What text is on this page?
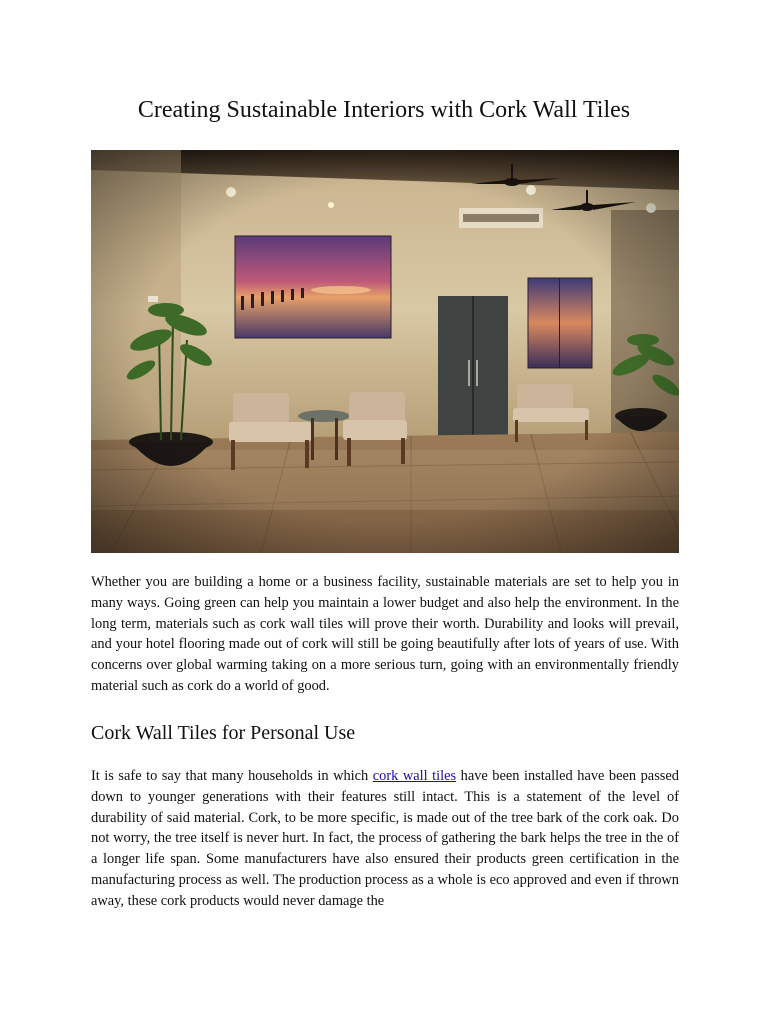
Creating Sustainable Interiors with Cork Wall Tiles

Whether you are building a home or a business facility, sustainable materials are set to help you in many ways. Going green can help you maintain a lower budget and also help the environment. In the long term, materials such as cork wall tiles will prove their worth. Durability and looks will prevail, and your hotel flooring made out of cork will still be going beautifully after lots of years of use. With concerns over global warming taking on a more serious turn, going with an environmentally friendly material such as cork do a world of good.

Cork Wall Tiles for Personal Use

It is safe to say that many households in which cork wall tiles have been installed have been passed down to younger generations with their features still intact. This is a statement of the level of durability of said material. Cork, to be more specific, is made out of the tree bark of the cork oak. Do not worry, the tree itself is never hurt. In fact, the process of gathering the bark helps the tree in the of a longer life span. Some manufacturers have also ensured their products green certification in the manufacturing process as well. The production process as a whole is eco approved and even if thrown away, these cork products would never damage the
